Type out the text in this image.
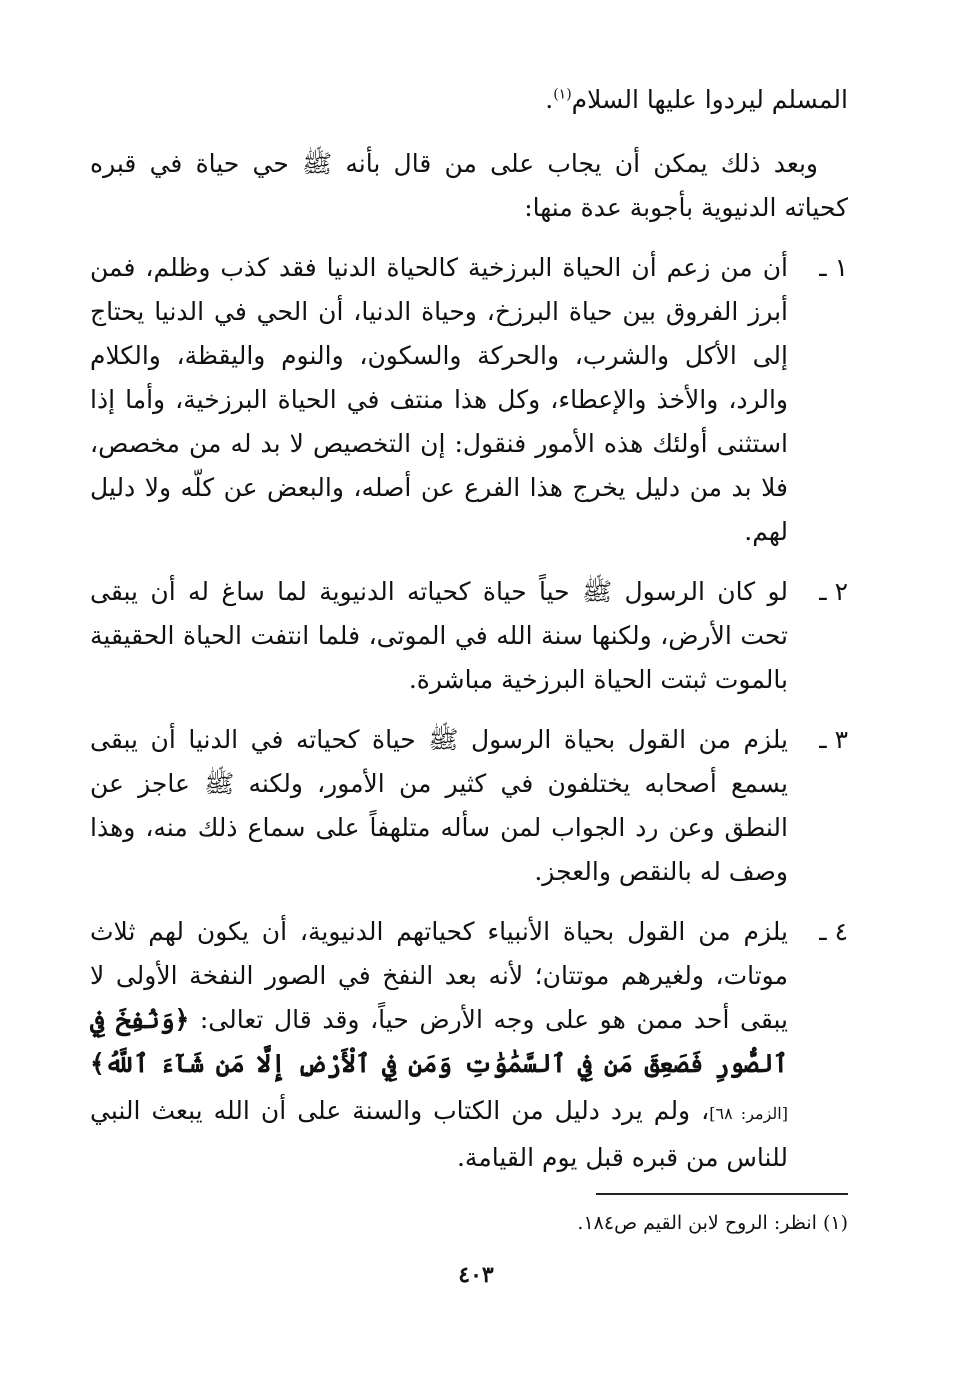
المسلم ليردوا عليها السلام$^{(١)}$.

وبعد ذلك يمكن أن يجاب على من قال بأنه ﷺ حي حياة في قبره كحياته الدنيوية بأجوبة عدة منها:

١ ـ
أن من زعم أن الحياة البرزخية كالحياة الدنيا فقد كذب وظلم، فمن أبرز الفروق بين حياة البرزخ، وحياة الدنيا، أن الحي في الدنيا يحتاج إلى الأكل والشرب، والحركة والسكون، والنوم واليقظة، والكلام والرد، والأخذ والإعطاء، وكل هذا منتف في الحياة البرزخية، وأما إذا استثنى أولئك هذه الأمور فنقول: إن التخصيص لا بد له من مخصص، فلا بد من دليل يخرج هذا الفرع عن أصله، والبعض عن كلّه ولا دليل لهم.
٢ ـ
لو كان الرسول ﷺ حياً حياة كحياته الدنيوية لما ساغ له أن يبقى تحت الأرض، ولكنها سنة الله في الموتى، فلما انتفت الحياة الحقيقية بالموت ثبتت الحياة البرزخية مباشرة.
٣ ـ
يلزم من القول بحياة الرسول ﷺ حياة كحياته في الدنيا أن يبقى يسمع أصحابه يختلفون في كثير من الأمور، ولكنه ﷺ عاجز عن النطق وعن رد الجواب لمن سأله متلهفاً على سماع ذلك منه، وهذا وصف له بالنقص والعجز.
٤ ـ
يلزم من القول بحياة الأنبياء كحياتهم الدنيوية، أن يكون لهم ثلاث موتات، ولغيرهم موتتان؛ لأنه بعد النفخ في الصور النفخة الأولى لا يبقى أحد ممن هو على وجه الأرض حياً، وقد قال تعالى: ﴿وَنُفِخَ فِي ٱلصُّورِ فَصَعِقَ مَن فِي ٱلسَّمَٰوَٰتِ وَمَن فِي ٱلْأَرْضِ إِلَّا مَن شَآءَ ٱللَّهُ﴾ [الزمر: ٦٨]، ولم يرد دليل من الكتاب والسنة على أن الله يبعث النبي للناس من قبره قبل يوم القيامة.
(١) انظر: الروح لابن القيم ص١٨٤.
٤٠٣
